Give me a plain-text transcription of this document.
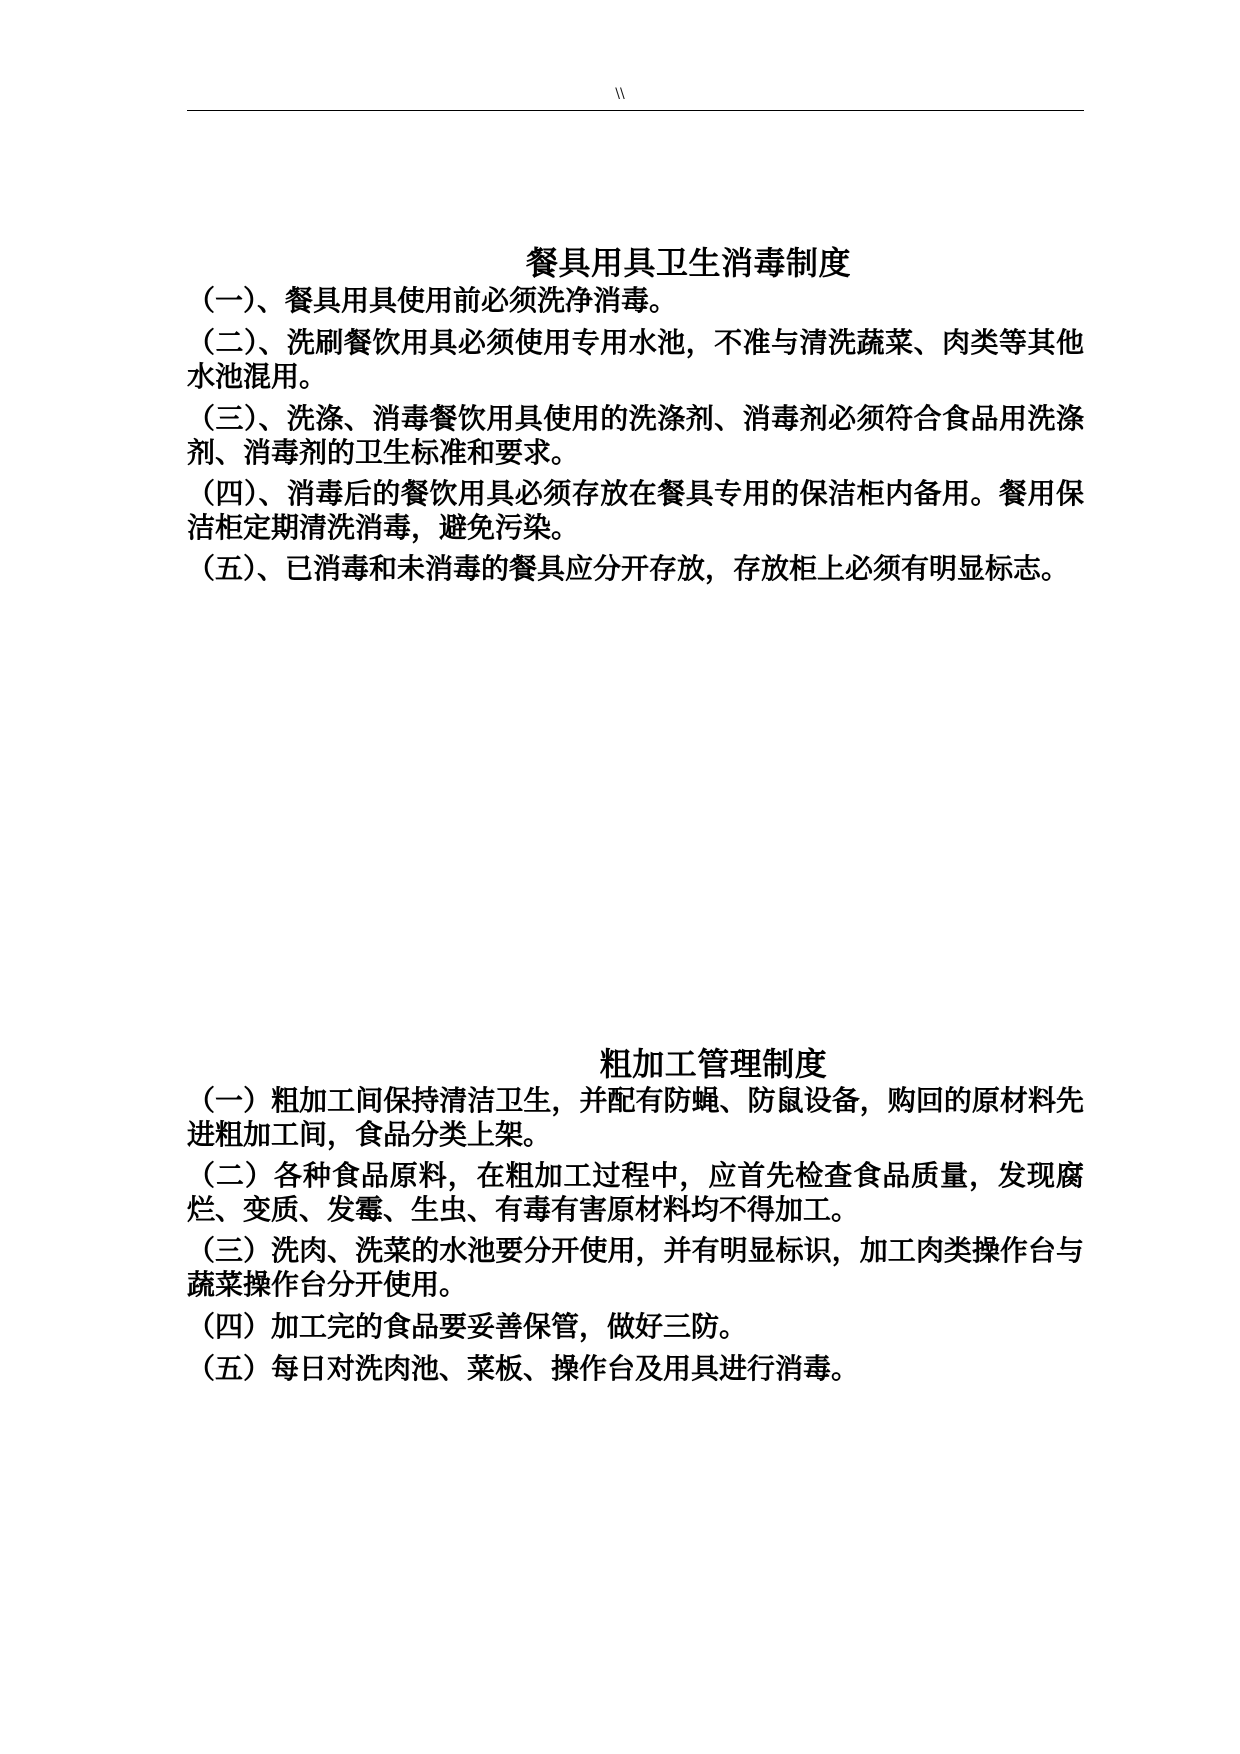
\\
餐具用具卫生消毒制度

（一）、餐具用具使用前必须洗净消毒。

（二）、洗刷餐饮用具必须使用专用水池，不准与清洗蔬菜、肉类等其他水池混用。

（三）、洗涤、消毒餐饮用具使用的洗涤剂、消毒剂必须符合食品用洗涤剂、消毒剂的卫生标准和要求。

（四）、消毒后的餐饮用具必须存放在餐具专用的保洁柜内备用。餐用保洁柜定期清洗消毒，避免污染。

（五）、已消毒和未消毒的餐具应分开存放，存放柜上必须有明显标志。

粗加工管理制度

（一）粗加工间保持清洁卫生，并配有防蝇、防鼠设备，购回的原材料先进粗加工间，食品分类上架。

（二）各种食品原料，在粗加工过程中，应首先检查食品质量，发现腐烂、变质、发霉、生虫、有毒有害原材料均不得加工。

（三）洗肉、洗菜的水池要分开使用，并有明显标识，加工肉类操作台与蔬菜操作台分开使用。

（四）加工完的食品要妥善保管，做好三防。

（五）每日对洗肉池、菜板、操作台及用具进行消毒。
